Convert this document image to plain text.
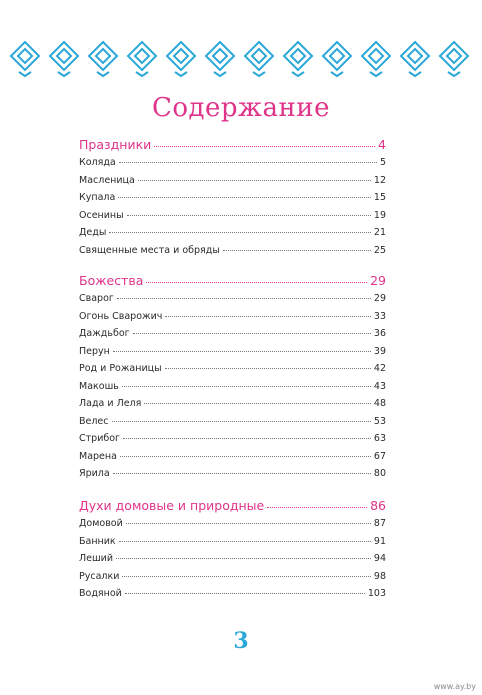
Содержание
Праздники	4
Коляда	5
Масленица	12
Купала	15
Осенины	19
Деды	21
Священные места и обряды	25
Божества	29
Сварог	29
Огонь Сварожич	33
Даждьбог	36
Перун	39
Род и Рожаницы	42
Макошь	43
Лада и Леля	48
Велес	53
Стрибог	63
Марена	67
Ярила	80
Духи домовые и природные	86
Домовой	87
Банник	91
Леший	94
Русалки	98
Водяной	103
3
www.ay.by
